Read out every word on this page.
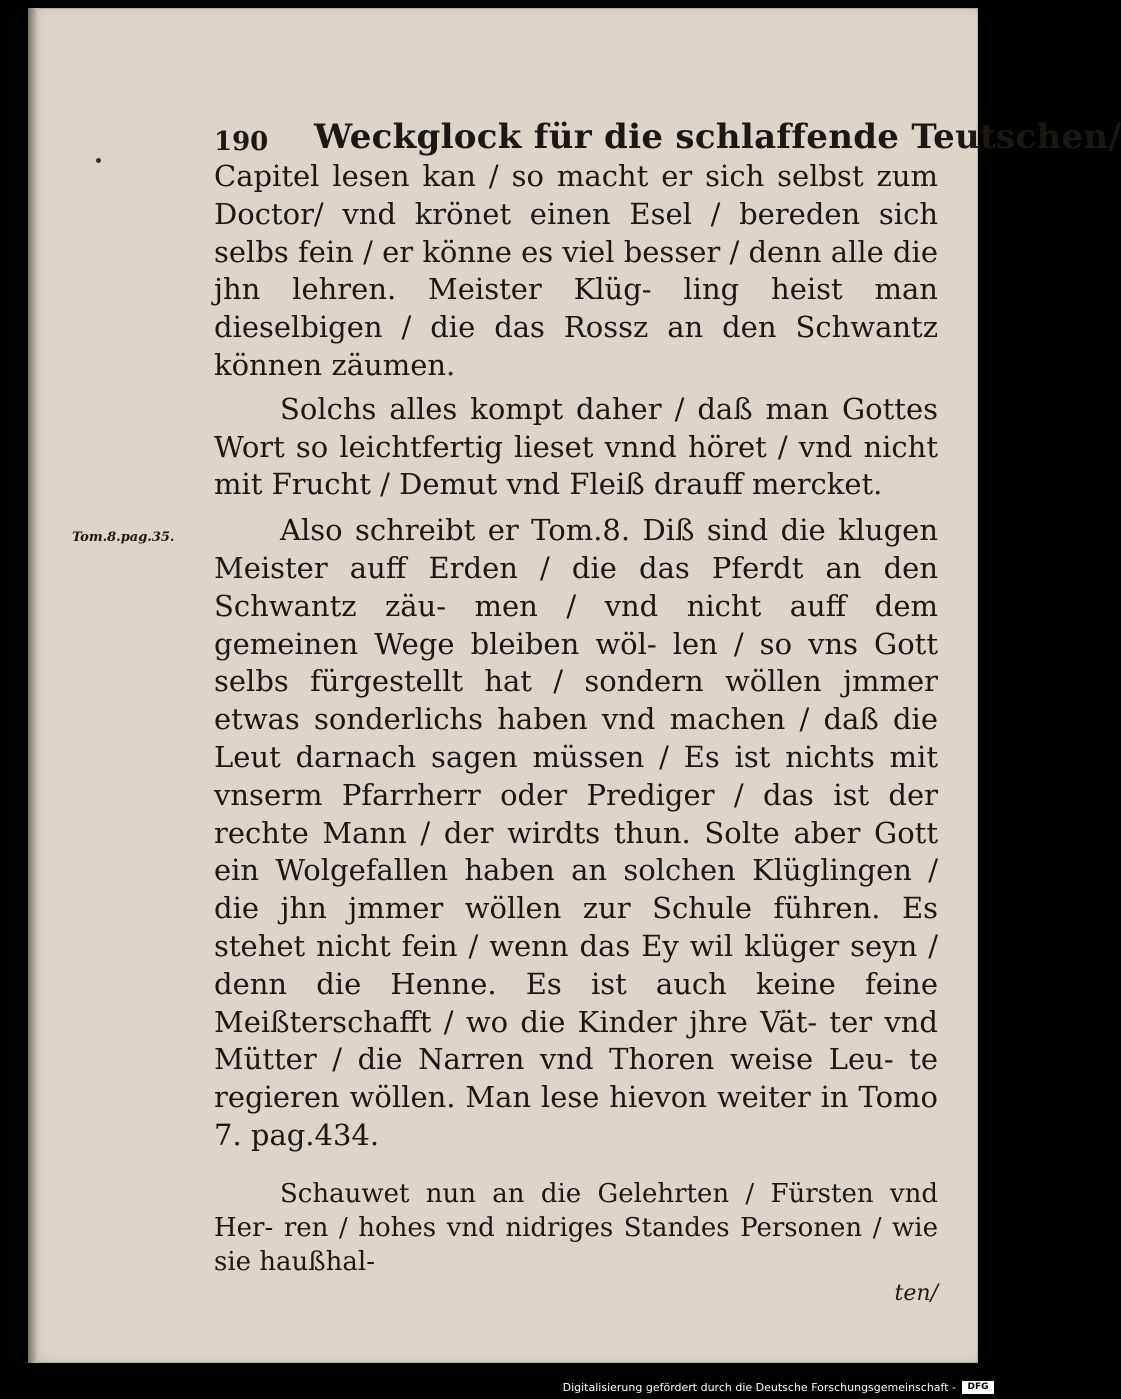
190 Weckglock für die schlaffende Teutschen/
Tom.8.pag.35.

Capitel lesen kan / so macht er sich selbst zum Doctor/ vnd krönet einen Esel / bereden sich selbs fein / er könne es viel besser / denn alle die jhn lehren. Meister Klüg- ling heist man dieselbigen / die das Rossz an den Schwantz können zäumen.

Solchs alles kompt daher / daß man Gottes Wort so leichtfertig lieset vnnd höret / vnd nicht mit Frucht / Demut vnd Fleiß drauff mercket.

Also schreibt er Tom.8. Diß sind die klugen Meister auff Erden / die das Pferdt an den Schwantz zäu- men / vnd nicht auff dem gemeinen Wege bleiben wöl- len / so vns Gott selbs fürgestellt hat / sondern wöllen jmmer etwas sonderlichs haben vnd machen / daß die Leut darnach sagen müssen / Es ist nichts mit vnserm Pfarrherr oder Prediger / das ist der rechte Mann / der wirdts thun. Solte aber Gott ein Wolgefallen haben an solchen Klüglingen / die jhn jmmer wöllen zur Schule führen. Es stehet nicht fein / wenn das Ey wil klüger seyn / denn die Henne. Es ist auch keine feine Meißterschafft / wo die Kinder jhre Vät- ter vnd Mütter / die Narren vnd Thoren weise Leu- te regieren wöllen. Man lese hievon weiter in Tomo 7. pag.434.

Schauwet nun an die Gelehrten / Fürsten vnd Her- ren / hohes vnd nidriges Standes Personen / wie sie haußhal-

ten/
Digitalisierung gefördert durch die Deutsche Forschungsgemeinschaft -	DFG
